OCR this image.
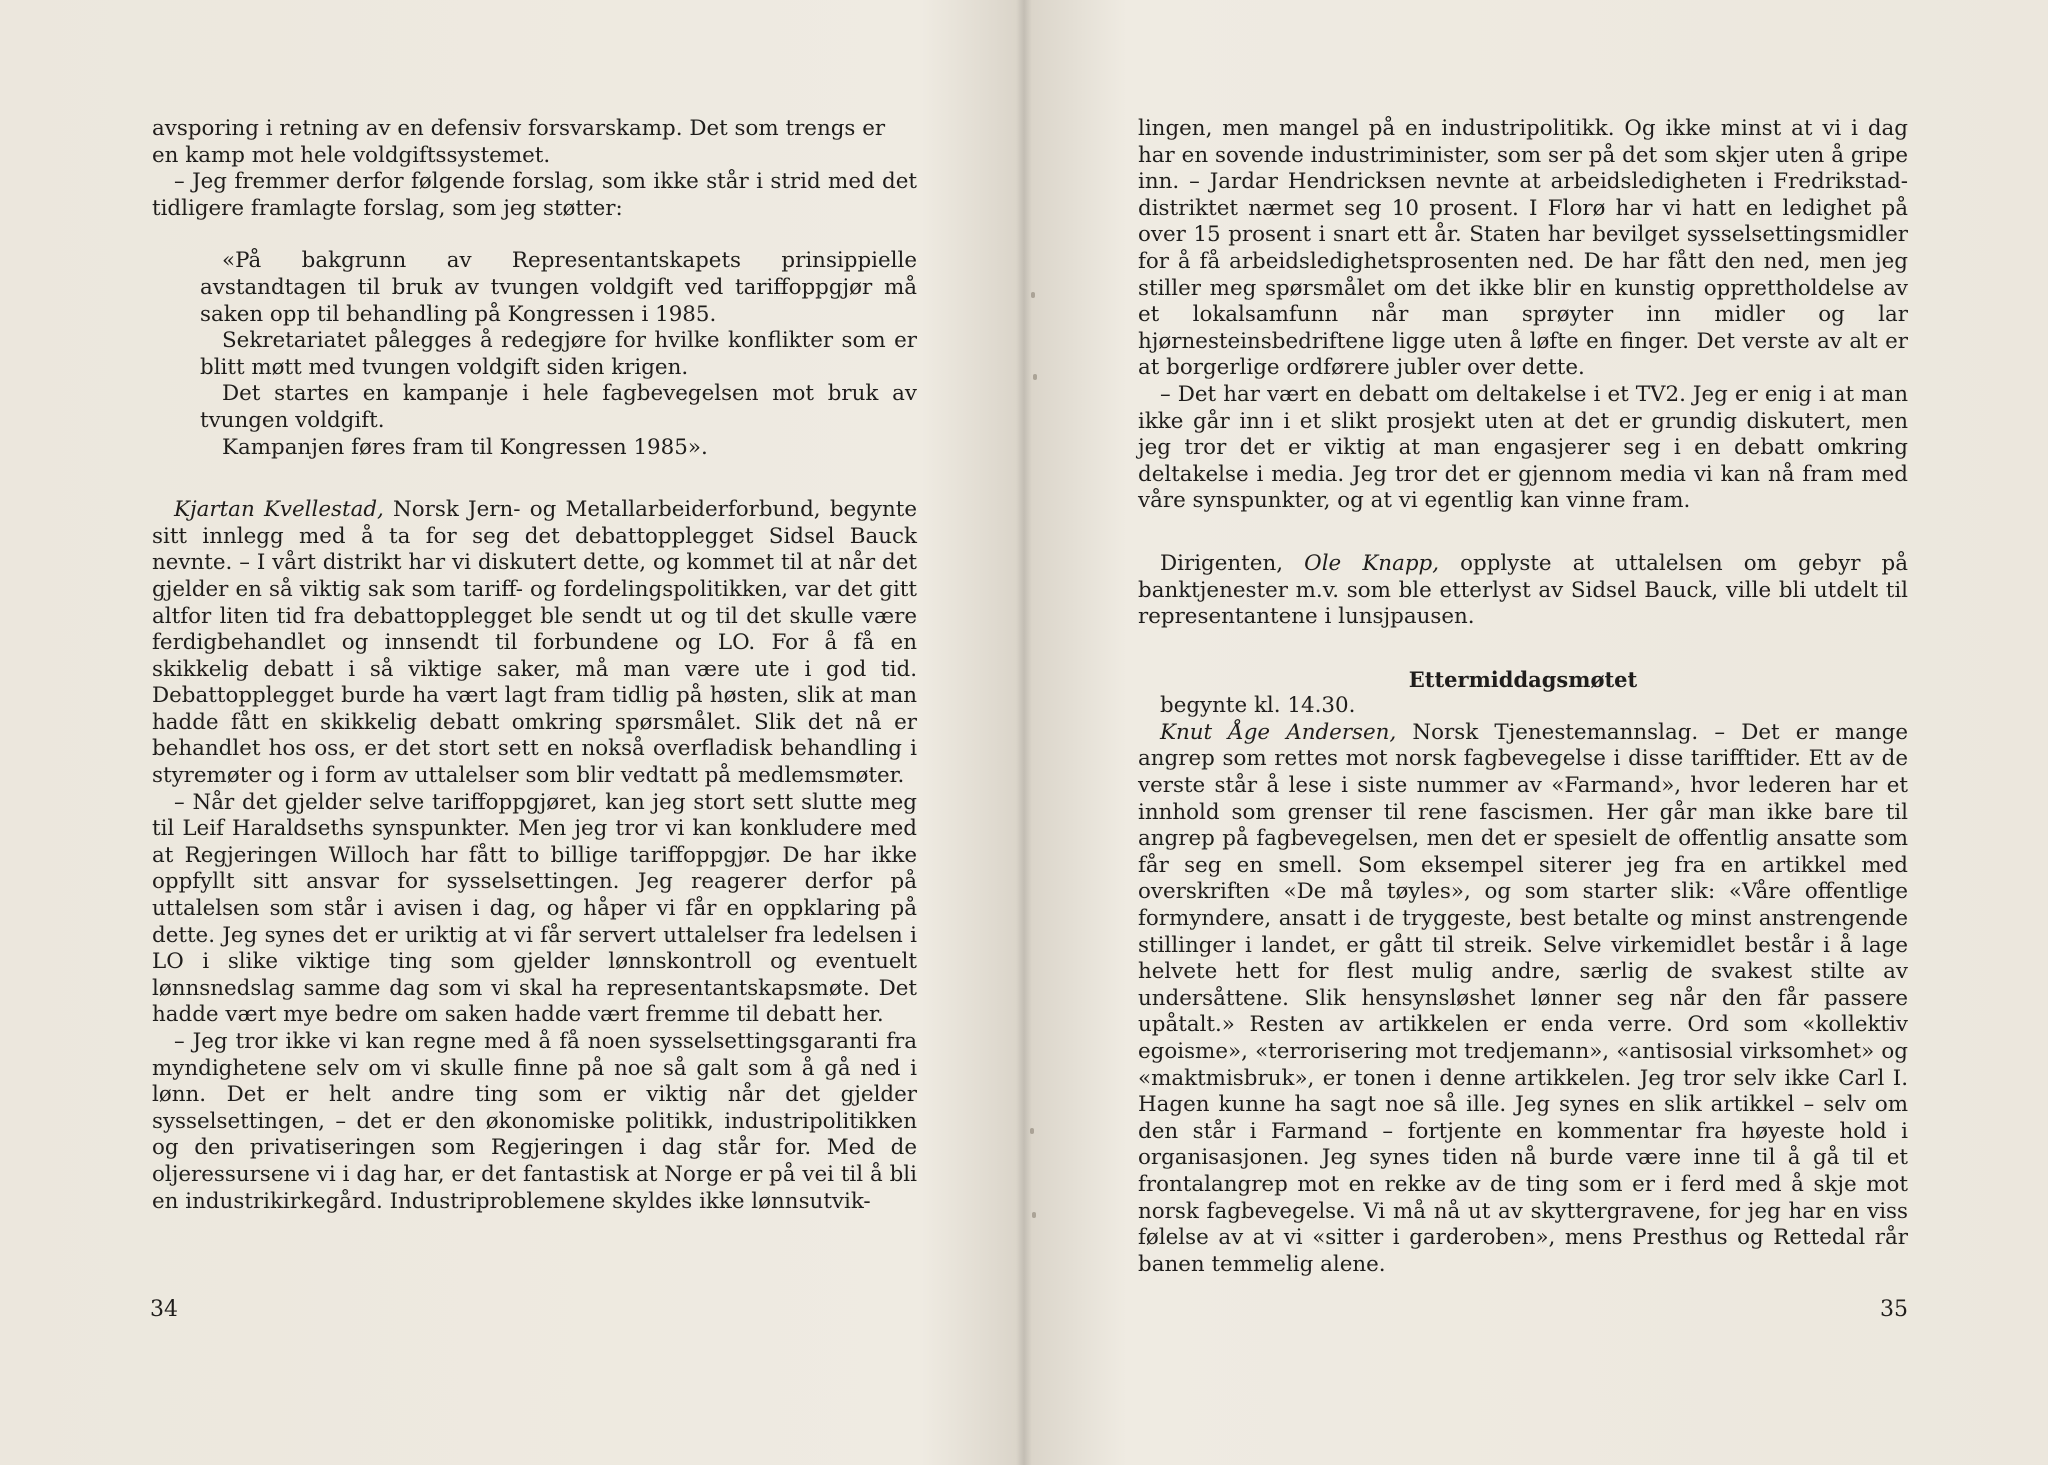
avsporing i retning av en defensiv forsvarskamp. Det som trengs er

en kamp mot hele voldgiftssystemet.

– Jeg fremmer derfor følgende forslag, som ikke står i strid med det tidligere framlagte forslag, som jeg støtter:

«På bakgrunn av Representantskapets prinsippielle avstandtagen til bruk av tvungen voldgift ved tariffoppgjør må saken opp til behandling på Kongressen i 1985.

Sekretariatet pålegges å redegjøre for hvilke konflikter som er blitt møtt med tvungen voldgift siden krigen.

Det startes en kampanje i hele fagbevegelsen mot bruk av tvungen voldgift.

Kampanjen føres fram til Kongressen 1985».

Kjartan Kvellestad, Norsk Jern- og Metallarbeiderforbund, begynte sitt innlegg med å ta for seg det debattopplegget Sidsel Bauck nevnte. – I vårt distrikt har vi diskutert dette, og kommet til at når det gjelder en så viktig sak som tariff- og fordelingspolitikken, var det gitt altfor liten tid fra debattopplegget ble sendt ut og til det skulle være ferdigbehandlet og innsendt til forbundene og LO. For å få en skikkelig debatt i så viktige saker, må man være ute i god tid. Debattopplegget burde ha vært lagt fram tidlig på høsten, slik at man hadde fått en skikkelig debatt omkring spørsmålet. Slik det nå er behandlet hos oss, er det stort sett en nokså overfladisk behandling i styremøter og i form av uttalelser som blir vedtatt på medlemsmøter.

– Når det gjelder selve tariffoppgjøret, kan jeg stort sett slutte meg til Leif Haraldseths synspunkter. Men jeg tror vi kan konkludere med at Regjeringen Willoch har fått to billige tariffoppgjør. De har ikke oppfyllt sitt ansvar for sysselsettingen. Jeg reagerer derfor på uttalelsen som står i avisen i dag, og håper vi får en oppklaring på dette. Jeg synes det er uriktig at vi får servert uttalelser fra ledelsen i LO i slike viktige ting som gjelder lønnskontroll og eventuelt lønnsnedslag samme dag som vi skal ha representantskapsmøte. Det hadde vært mye bedre om saken hadde vært fremme til debatt her.

– Jeg tror ikke vi kan regne med å få noen sysselsettingsgaranti fra myndighetene selv om vi skulle finne på noe så galt som å gå ned i lønn. Det er helt andre ting som er viktig når det gjelder sysselsettingen, – det er den økonomiske politikk, industripolitikken og den privatiseringen som Regjeringen i dag står for. Med de oljeressursene vi i dag har, er det fantastisk at Norge er på vei til å bli en industrikirkegård. Industriproblemene skyldes ikke lønnsutvik-

lingen, men mangel på en industripolitikk. Og ikke minst at vi i dag har en sovende industriminister, som ser på det som skjer uten å gripe inn. – Jardar Hendricksen nevnte at arbeidsledigheten i Fredrikstad-distriktet nærmet seg 10 prosent. I Florø har vi hatt en ledighet på over 15 prosent i snart ett år. Staten har bevilget sysselsettingsmidler for å få arbeidsledighetsprosenten ned. De har fått den ned, men jeg stiller meg spørsmålet om det ikke blir en kunstig opprettholdelse av et lokalsamfunn når man sprøyter inn midler og lar hjørnesteinsbedriftene ligge uten å løfte en finger. Det verste av alt er at borgerlige ordførere jubler over dette.

– Det har vært en debatt om deltakelse i et TV2. Jeg er enig i at man ikke går inn i et slikt prosjekt uten at det er grundig diskutert, men jeg tror det er viktig at man engasjerer seg i en debatt omkring deltakelse i media. Jeg tror det er gjennom media vi kan nå fram med våre synspunkter, og at vi egentlig kan vinne fram.

Dirigenten, Ole Knapp, opplyste at uttalelsen om gebyr på banktjenester m.v. som ble etterlyst av Sidsel Bauck, ville bli utdelt til representantene i lunsjpausen.

Ettermiddagsmøtet

begynte kl. 14.30.

Knut Åge Andersen, Norsk Tjenestemannslag. – Det er mange angrep som rettes mot norsk fagbevegelse i disse tarifftider. Ett av de verste står å lese i siste nummer av «Farmand», hvor lederen har et innhold som grenser til rene fascismen. Her går man ikke bare til angrep på fagbevegelsen, men det er spesielt de offentlig ansatte som får seg en smell. Som eksempel siterer jeg fra en artikkel med overskriften «De må tøyles», og som starter slik: «Våre offentlige formyndere, ansatt i de tryggeste, best betalte og minst anstrengende stillinger i landet, er gått til streik. Selve virkemidlet består i å lage helvete hett for flest mulig andre, særlig de svakest stilte av undersåttene. Slik hensynsløshet lønner seg når den får passere upåtalt.» Resten av artikkelen er enda verre. Ord som «kollektiv egoisme», «terrorisering mot tredjemann», «antisosial virksomhet» og «maktmisbruk», er tonen i denne artikkelen. Jeg tror selv ikke Carl I. Hagen kunne ha sagt noe så ille. Jeg synes en slik artikkel – selv om den står i Farmand – fortjente en kommentar fra høyeste hold i organisasjonen. Jeg synes tiden nå burde være inne til å gå til et frontalangrep mot en rekke av de ting som er i ferd med å skje mot norsk fagbevegelse. Vi må nå ut av skyttergravene, for jeg har en viss følelse av at vi «sitter i garderoben», mens Presthus og Rettedal rår banen temmelig alene.

34	35
